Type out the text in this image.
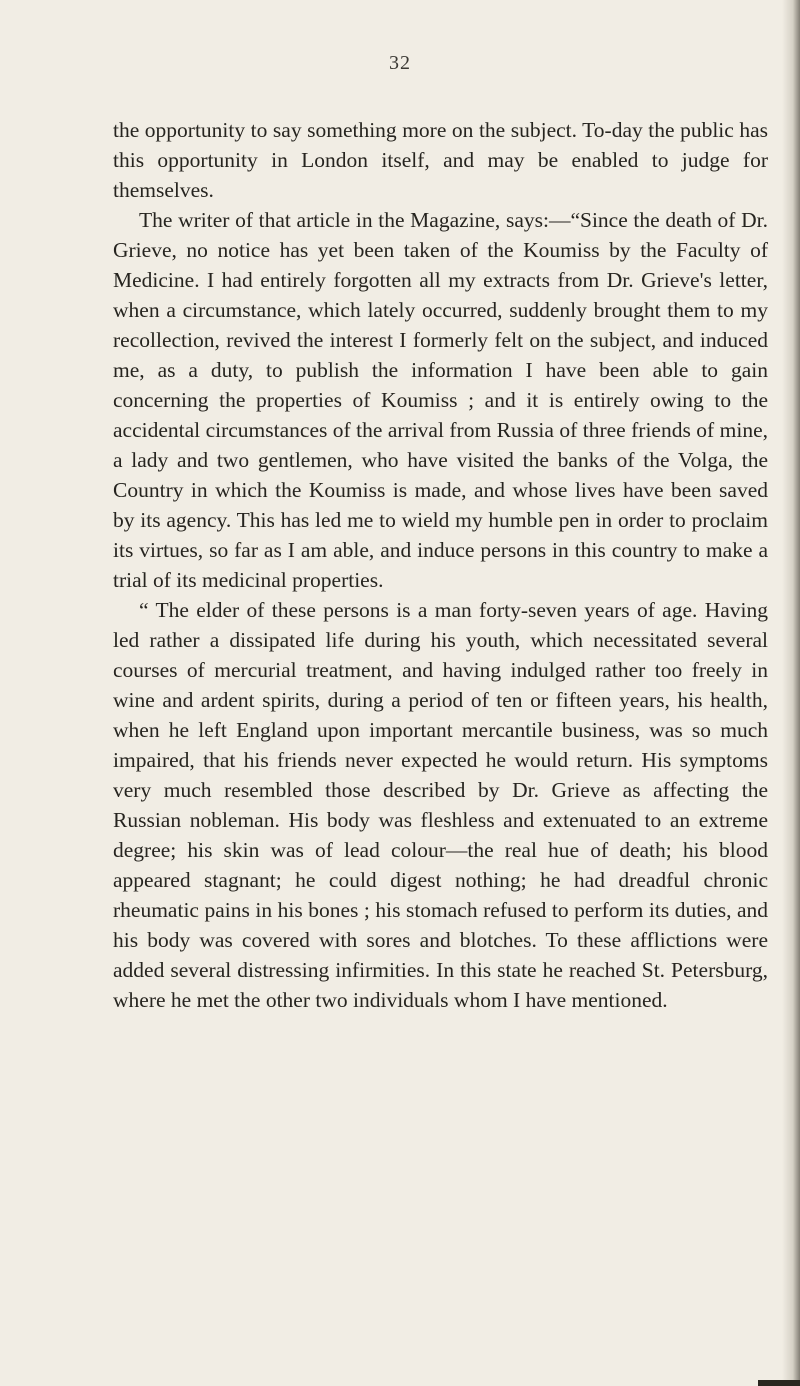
32

the opportunity to say something more on the subject. To-day the public has this opportunity in London itself, and may be enabled to judge for themselves.

The writer of that article in the Magazine, says:—“Since the death of Dr. Grieve, no notice has yet been taken of the Koumiss by the Faculty of Medicine. I had entirely forgotten all my extracts from Dr. Grieve's letter, when a circumstance, which lately occurred, suddenly brought them to my recollection, revived the interest I formerly felt on the subject, and induced me, as a duty, to publish the information I have been able to gain concerning the properties of Koumiss ; and it is entirely owing to the accidental circumstances of the arrival from Russia of three friends of mine, a lady and two gentlemen, who have visited the banks of the Volga, the Country in which the Koumiss is made, and whose lives have been saved by its agency. This has led me to wield my humble pen in order to proclaim its virtues, so far as I am able, and induce persons in this country to make a trial of its medicinal properties.

“ The elder of these persons is a man forty-seven years of age. Having led rather a dissipated life during his youth, which necessitated several courses of mercurial treatment, and having indulged rather too freely in wine and ardent spirits, during a period of ten or fifteen years, his health, when he left England upon important mercantile business, was so much impaired, that his friends never expected he would return. His symptoms very much resembled those described by Dr. Grieve as affecting the Russian nobleman. His body was fleshless and extenuated to an extreme degree; his skin was of lead colour—the real hue of death; his blood appeared stagnant; he could digest nothing; he had dreadful chronic rheumatic pains in his bones ; his stomach refused to perform its duties, and his body was covered with sores and blotches. To these afflictions were added several distressing infirmities. In this state he reached St. Petersburg, where he met the other two individuals whom I have mentioned.
